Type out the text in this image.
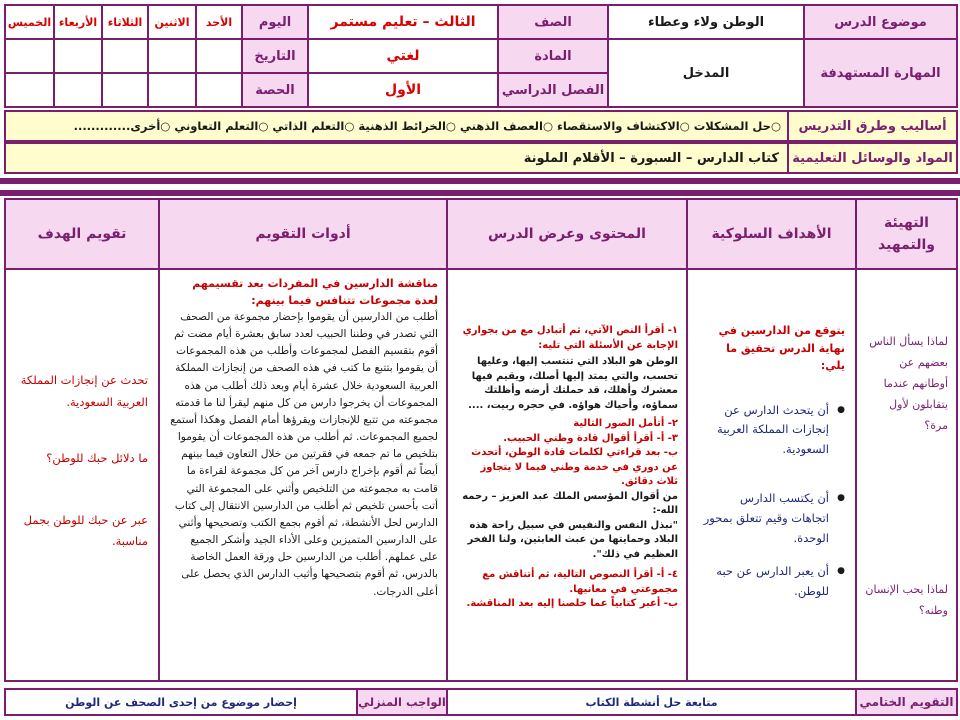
موضوع الدرس
الوطن ولاء وعطاء
الصف
الثالث – تعليم مستمر
اليوم
الأحد
الاثنين
الثلاثاء
الأربعاء
الخميس
المهارة المستهدفة
المدخل
المادة
لغتي
التاريخ
الفصل الدراسي
الأول
الحصة
أساليب وطرق التدريس
○حل المشكلات ○الاكتشاف والاستقصاء ○العصف الذهني ○الخرائط الذهنية ○التعلم الذاتي ○التعلم التعاوني ○أخرى.............
المواد والوسائل التعليمية
كتاب الدارس – السبورة – الأقلام الملونة
التهيئة والتمهيد
الأهداف السلوكية
المحتوى وعرض الدرس
أدوات التقويم
تقويم الهدف
لماذا يسأل الناس بعضهم عن أوطانهم عندما يتقابلون لأول مرة؟
لماذا يحب الإنسان وطنه؟
يتوقع من الدارسين في نهاية الدرس تحقيق ما يلي:
● أن يتحدث الدارس عن إنجازات المملكة العربية السعودية.
● أن يكتسب الدارس اتجاهات وقيم تتعلق بمحور الوحدة.
● أن يعبر الدارس عن حبه للوطن.
١- أقرأ النص الآتي، ثم أتبادل مع من بجواري الإجابة عن الأسئلة التي تليه:
الوطن هو البلاد التي تنتسب إليها، وعليها تحسب، والتي يمتد إليها أصلك، ويقيم فيها معشرك وأهلك، قد حملتك أرضه وأظلتك سماؤه، وأحياك هواؤه. في حجره ربيت، ....
٢- أتأمل الصور التالية
٣- أ- أقرأ أقوال قادة وطني الحبيب.
ب- بعد قراءتي لكلمات قادة الوطن، أتحدث عن دوري في خدمة وطني فيما لا يتجاوز ثلاث دقائق.
من أقوال المؤسس الملك عبد العزيز – رحمه الله-:
"نبذل النفس والنفيس في سبيل راحة هذه البلاد وحمايتها من عبث العابثين، ولنا الفخر العظيم في ذلك".
٤- أ- أقرأ النصوص التالية، ثم أتناقش مع مجموعتي في معانيها.
ب- أعبر كتابياً عما خلصنا إليه بعد المناقشة.
مناقشة الدارسين في المفردات بعد تقسيمهم لعدة مجموعات تتنافس فيما بينهم:
أطلب من الدارسين أن يقوموا بإحضار مجموعة من الصحف التي تصدر في وطننا الحبيب لعدد سابق بعشرة أيام مضت ثم أقوم بتقسيم الفصل لمجموعات وأطلب من هذه المجموعات أن يقوموا بتتبع ما كتب في هذه الصحف من إنجازات المملكة العربية السعودية خلال عشرة أيام وبعد ذلك أطلب من هذه المجموعات أن يخرجوا دارس من كل منهم ليقرأ لنا ما قدمته مجموعته من تتبع للإنجازات ويقرؤها أمام الفصل وهكذا أستمع لجميع المجموعات. ثم أطلب من هذه المجموعات أن يقوموا بتلخيص ما تم جمعه في فقرتين من خلال التعاون فيما بينهم أيضاً ثم أقوم بإخراج دارس آخر من كل مجموعة لقراءة ما قامت به مجموعته من التلخيص وأثني على المجموعة التي أتت بأحسن تلخيص ثم أطلب من الدارسين الانتقال إلى كتاب الدارس لحل الأنشطة، ثم أقوم بجمع الكتب وتصحيحها وأثني على الدارسين المتميزين وعلى الأداء الجيد وأشكر الجميع على عملهم. أطلب من الدارسين حل ورقة العمل الخاصة بالدرس، ثم أقوم بتصحيحها وأثيب الدارس الذي يحصل على أعلى الدرجات.
تحدث عن إنجازات المملكة العربية السعودية.
ما دلائل حبك للوطن؟
عبر عن حبك للوطن بجمل مناسبة.
التقويم الختامي
متابعة حل أنشطة الكتاب
الواجب المنزلي
إحضار موضوع من إحدى الصحف عن الوطن
